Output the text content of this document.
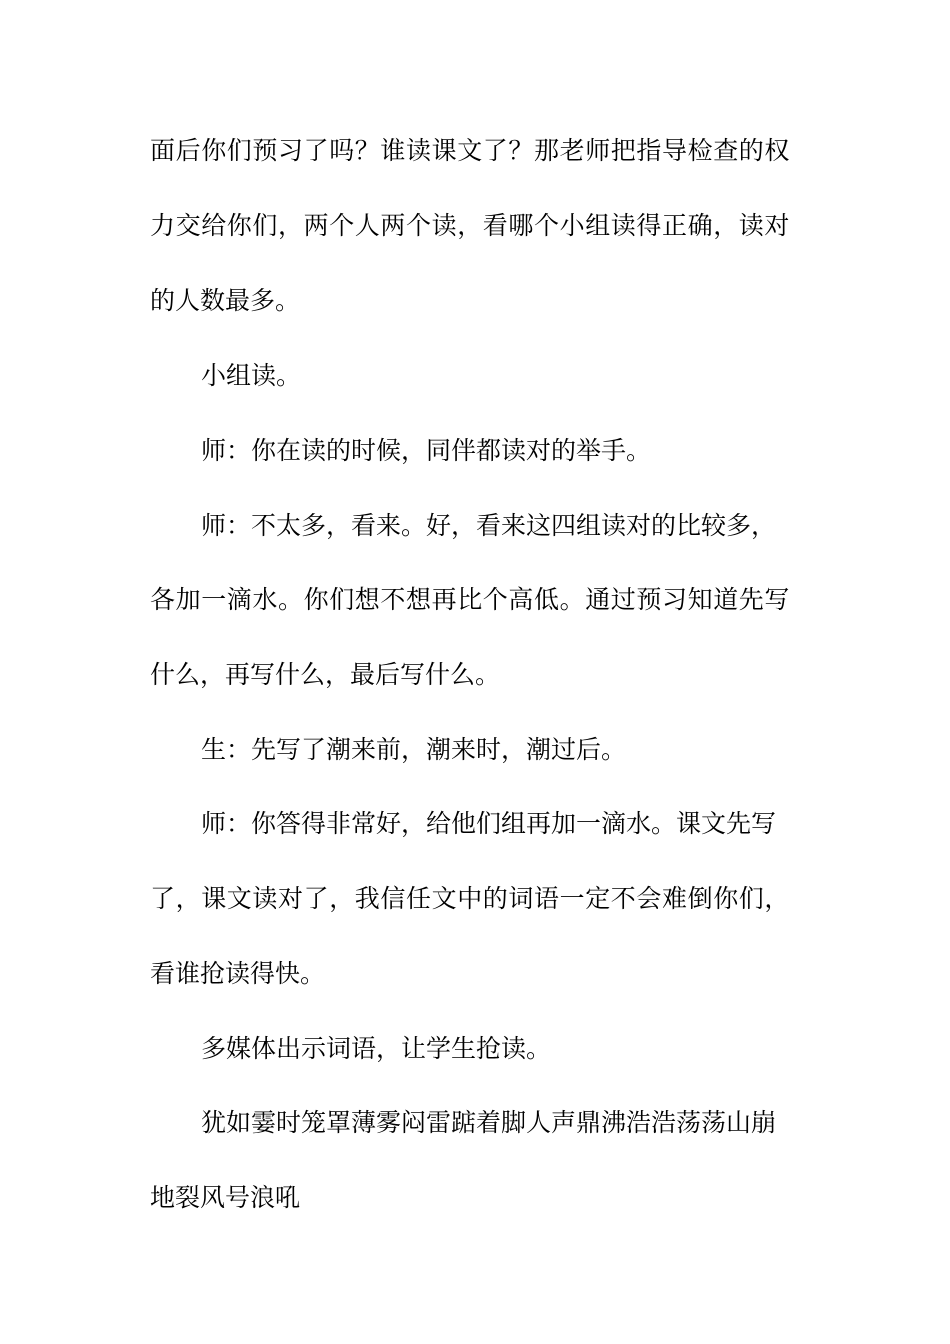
面后你们预习了吗？谁读课文了？那老师把指导检查的权
力交给你们，两个人两个读，看哪个小组读得正确，读对
的人数最多。
小组读。
师：你在读的时候，同伴都读对的举手。
师：不太多，看来。好，看来这四组读对的比较多，
各加一滴水。你们想不想再比个高低。通过预习知道先写
什么，再写什么，最后写什么。
生：先写了潮来前，潮来时，潮过后。
师：你答得非常好，给他们组再加一滴水。课文先写
了，课文读对了，我信任文中的词语一定不会难倒你们，
看谁抢读得快。
多媒体出示词语，让学生抢读。
犹如霎时笼罩薄雾闷雷踮着脚人声鼎沸浩浩荡荡山崩
地裂风号浪吼
